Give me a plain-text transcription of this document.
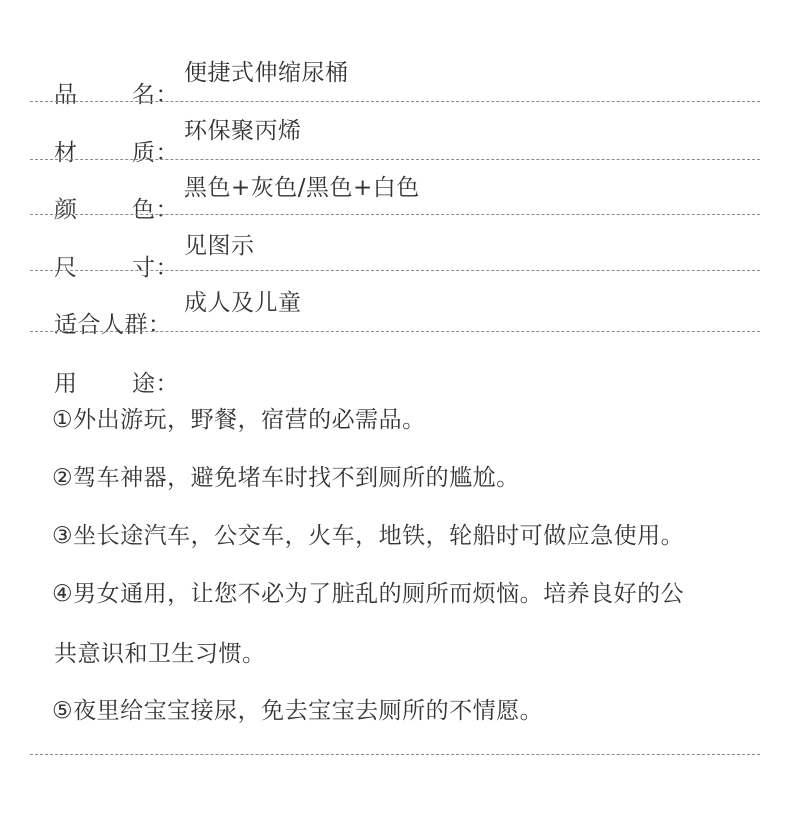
品 名：
便捷式伸缩尿桶
材 质：
环保聚丙烯
颜 色：
黑色+灰色/黑色+白色
尺 寸：
见图示
适合人群：
成人及儿童
用 途：
①外出游玩，野餐，宿营的必需品。
②驾车神器，避免堵车时找不到厕所的尴尬。
③坐长途汽车，公交车，火车，地铁，轮船时可做应急使用。
④男女通用，让您不必为了脏乱的厕所而烦恼。培养良好的公
共意识和卫生习惯。
⑤夜里给宝宝接尿，免去宝宝去厕所的不情愿。
